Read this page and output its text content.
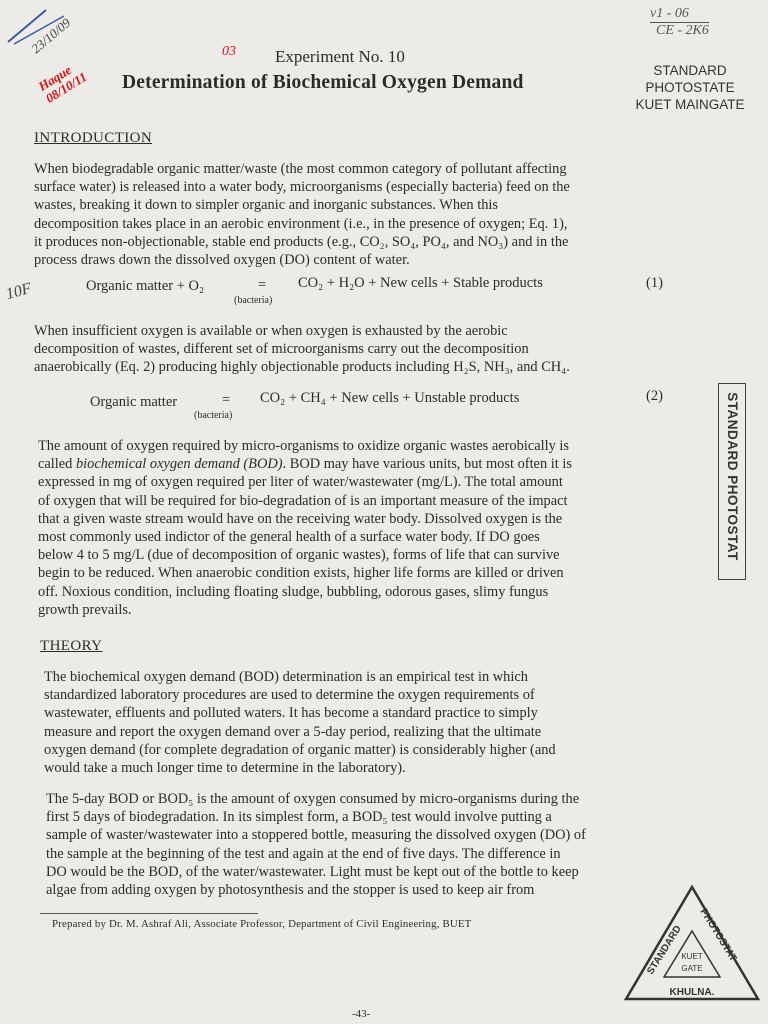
23/10/09
Haque 08/10/11
03
v1 - 06
CE - 2K6
Experiment No. 10
Determination of Biochemical Oxygen Demand
STANDARD PHOTOSTATE
KUET MAINGATE
INTRODUCTION
When biodegradable organic matter/waste (the most common category of pollutant affecting
surface water) is released into a water body, microorganisms (especially bacteria) feed on the
wastes, breaking it down to simpler organic and inorganic substances. When this
decomposition takes place in an aerobic environment (i.e., in the presence of oxygen; Eq. 1),
it produces non-objectionable, stable end products (e.g., CO₂, SO₄, PO₄, and NO₃) and in the
process draws down the dissolved oxygen (DO) content of water.
10F	Organic matter + O₂	= CO₂ + H₂O + New cells + Stable products
(bacteria)
(1)
When insufficient oxygen is available or when oxygen is exhausted by the aerobic
decomposition of wastes, different set of microorganisms carry out the decomposition
anaerobically (Eq. 2) producing highly objectionable products including H₂S, NH₃, and CH₄.
Organic matter	= CO₂ + CH₄ + New cells + Unstable products
(bacteria)
(2)
The amount of oxygen required by micro-organisms to oxidize organic wastes aerobically is
called biochemical oxygen demand (BOD). BOD may have various units, but most often it is
expressed in mg of oxygen required per liter of water/wastewater (mg/L). The total amount
of oxygen that will be required for bio-degradation of is an important measure of the impact
that a given waste stream would have on the receiving water body. Dissolved oxygen is the
most commonly used indictor of the general health of a surface water body. If DO goes
below 4 to 5 mg/L (due of decomposition of organic wastes), forms of life that can survive
begin to be reduced. When anaerobic condition exists, higher life forms are killed or driven
off. Noxious condition, including floating sludge, bubbling, odorous gases, slimy fungus
growth prevails.
STANDARD PHOTOSTAT
THEORY
The biochemical oxygen demand (BOD) determination is an empirical test in which
standardized laboratory procedures are used to determine the oxygen requirements of
wastewater, effluents and polluted waters. It has become a standard practice to simply
measure and report the oxygen demand over a 5-day period, realizing that the ultimate
oxygen demand (for complete degradation of organic matter) is considerably higher (and
would take a much longer time to determine in the laboratory).
The 5-day BOD or BOD₅ is the amount of oxygen consumed by micro-organisms during the
first 5 days of biodegradation. In its simplest form, a BOD₅ test would involve putting a
sample of waster/wastewater into a stoppered bottle, measuring the dissolved oxygen (DO) of
the sample at the beginning of the test and again at the end of five days. The difference in
DO would be the BOD, of the water/wastewater. Light must be kept out of the bottle to keep
algae from adding oxygen by photosynthesis and the stopper is used to keep air from
Prepared by Dr. M. Ashraf Ali, Associate Professor, Department of Civil Engineering, BUET
-43-
STANDARD PHOTOSTAT
KUET
GATE
KHULNA.
